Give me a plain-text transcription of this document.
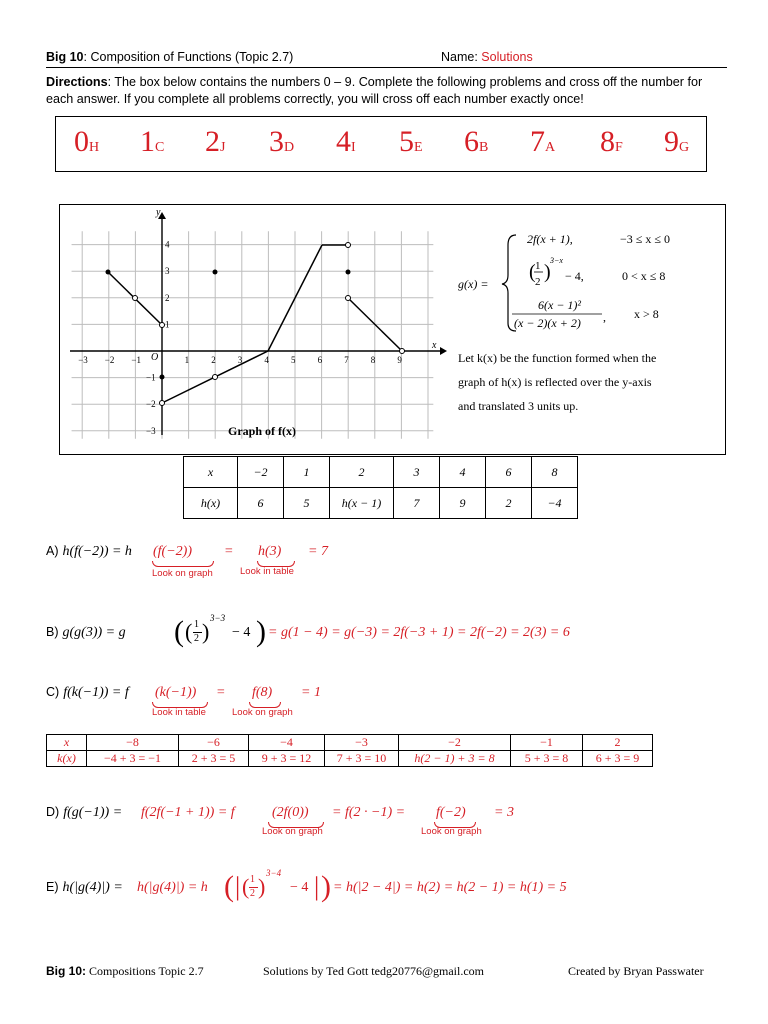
Big 10: Composition of Functions (Topic 2.7)	Name: Solutions
Directions: The box below contains the numbers 0 – 9. Complete the following problems and cross off the number for each answer. If you complete all problems correctly, you will cross off each number exactly once!
0H 1C 2J 3D 4I 5E 6B 7A 8F 9G
−3 −2 −1	1 2 3 4 5 6 7 8 9
4
3
2
1
−1
−2
−3
y
x
O
Graph of f(x)
g(x) =
2f(x + 1),	−3 ≤ x ≤ 0
( 1
2 )
3−x
− 4,	0 < x ≤ 8
6(x − 1)²
(x − 2)(x + 2) , x > 8
Let k(x) be the function formed when the
graph of h(x) is reflected over the y-axis
and translated 3 units up.
x	−2	1	2	3	4	6	8
h(x)	6	5	h(x − 1)	7	9	2	−4
A) h(f(−2)) = h (f(−2)) = h(3) = 7
Look on graph	Look in table
B) g(g(3)) = g ( ( 1
2 )
3−3
− 4 ) = g(1 − 4) = g(−3) = 2f(−3 + 1) = 2f(−2) = 2(3) = 6
C) f(k(−1)) = f (k(−1)) = f(8) = 1
Look in table	Look on graph
x	−8	−6	−4	−3	−2	−1	2
k(x)	−4 + 3 = −1	2 + 3 = 5	9 + 3 = 12	7 + 3 = 10	h(2 − 1) + 3 = 8	5 + 3 = 8	6 + 3 = 9
D) f(g(−1)) = f(2f(−1 + 1)) = f	(2f(0)) = f(2 · −1) = f(−2) = 3
Look on graph	Look on graph
E) h(|g(4)|) = h(|g(4)|) = h ( | ( 1
2 )
3−4
− 4 | ) = h(|2 − 4|) = h(2) = h(2 − 1) = h(1) = 5
Big 10: Compositions Topic 2.7	Solutions by Ted Gott tedg20776@gmail.com	Created by Bryan Passwater
